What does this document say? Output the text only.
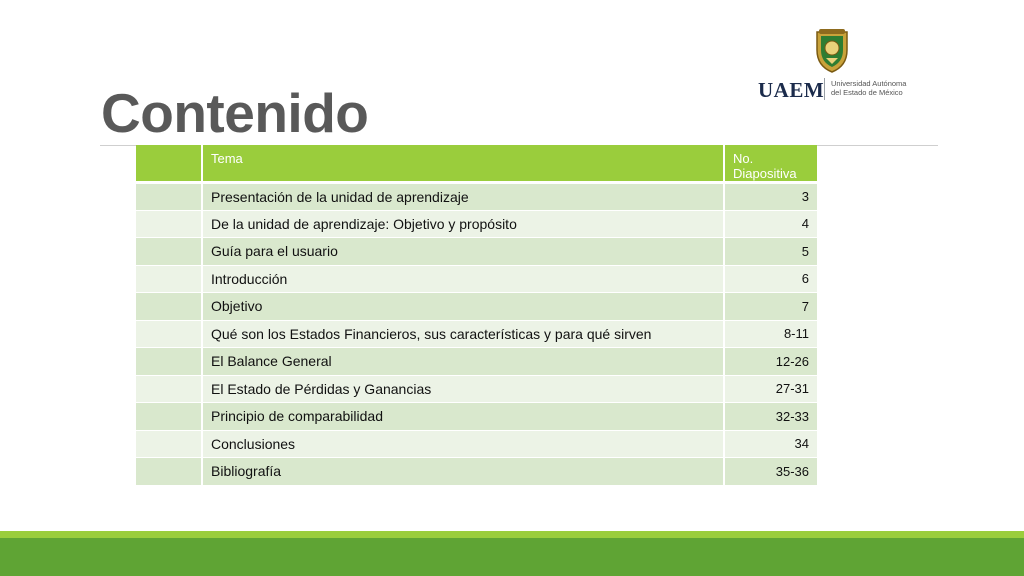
Contenido	UAEM Universidad Autónoma
del Estado de México
	Tema	No.
Diapositiva

	Presentación de la unidad de aprendizaje	3
	De la unidad de aprendizaje: Objetivo y propósito	4
	Guía para el usuario	5
	Introducción	6
	Objetivo	7
	Qué son los Estados Financieros, sus características y para qué sirven	8-11
	El Balance General	12-26
	El Estado de Pérdidas y Ganancias	27-31
	Principio de comparabilidad	32-33
	Conclusiones	34
	Bibliografía	35-36
